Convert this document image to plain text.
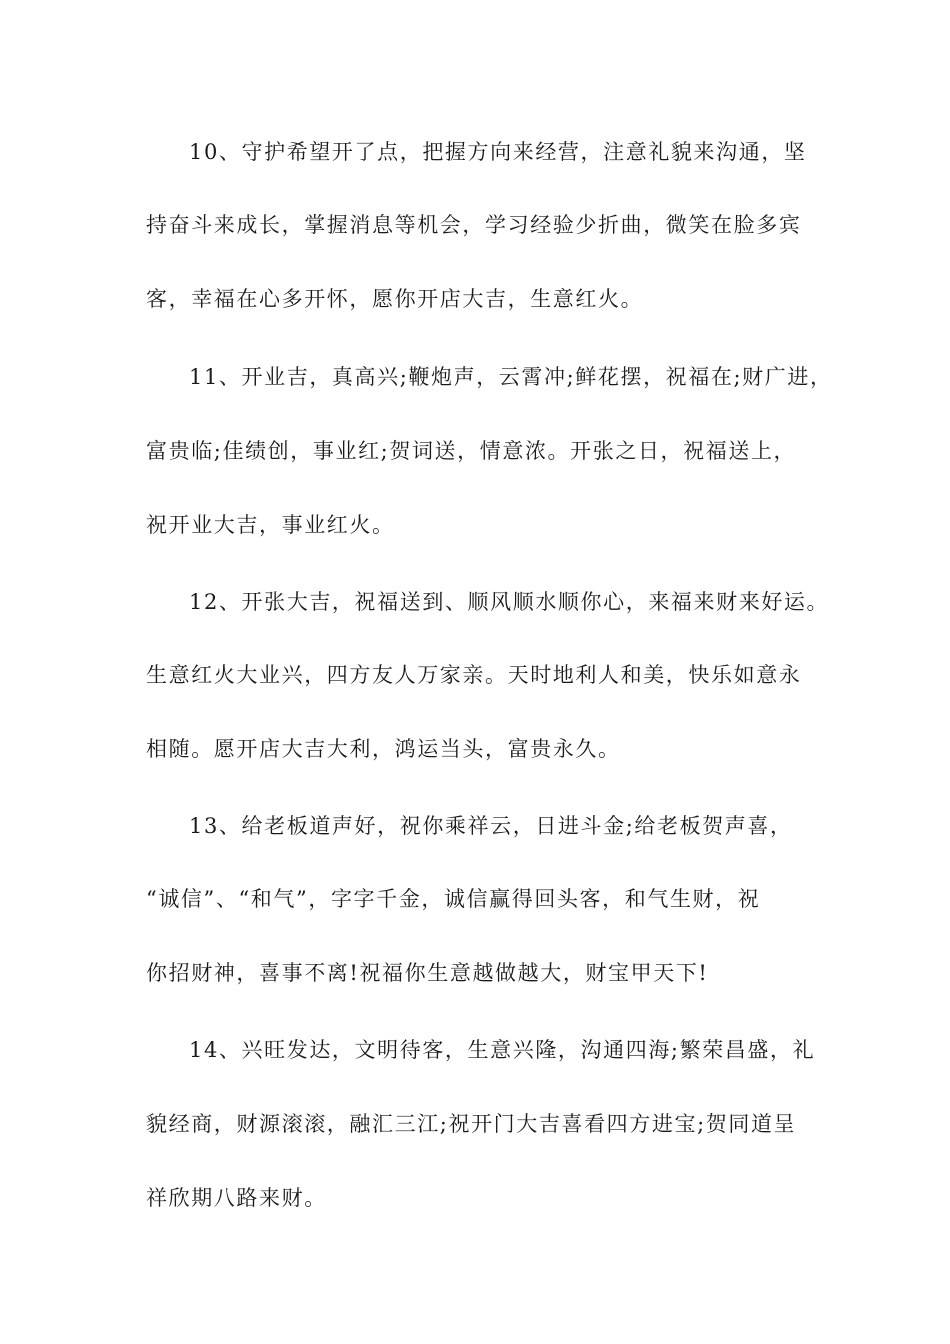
10、守护希望开了点，把握方向来经营，注意礼貌来沟通，坚
持奋斗来成长，掌握消息等机会，学习经验少折曲，微笑在脸多宾
客，幸福在心多开怀，愿你开店大吉，生意红火。
11、开业吉，真高兴;鞭炮声，云霄冲;鲜花摆，祝福在;财广进，
富贵临;佳绩创，事业红;贺词送，情意浓。开张之日，祝福送上，
祝开业大吉，事业红火。
12、开张大吉，祝福送到、顺风顺水顺你心，来福来财来好运。
生意红火大业兴，四方友人万家亲。天时地利人和美，快乐如意永
相随。愿开店大吉大利，鸿运当头，富贵永久。
13、给老板道声好，祝你乘祥云，日进斗金;给老板贺声喜，
“诚信”、“和气”，字字千金，诚信赢得回头客，和气生财，祝
你招财神，喜事不离!祝福你生意越做越大，财宝甲天下!
14、兴旺发达，文明待客，生意兴隆，沟通四海;繁荣昌盛，礼
貌经商，财源滚滚，融汇三江;祝开门大吉喜看四方进宝;贺同道呈
祥欣期八路来财。
